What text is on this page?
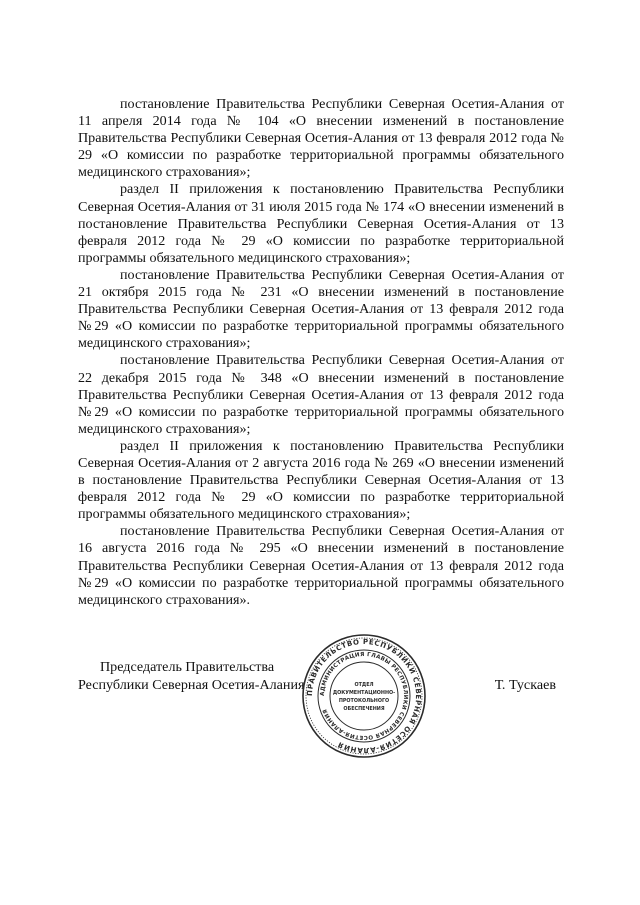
постановление Правительства Республики Северная Осетия-Алания от 11 апреля 2014 года № 104 «О внесении изменений в постановление Правительства Республики Северная Осетия-Алания от 13 февраля 2012 года № 29 «О комиссии по разработке территориальной программы обязательного медицинского страхования»;

раздел II приложения к постановлению Правительства Республики Северная Осетия-Алания от 31 июля 2015 года № 174 «О внесении изменений в постановление Правительства Республики Северная Осетия-Алания от 13 февраля 2012 года № 29 «О комиссии по разработке территориальной программы обязательного медицинского страхования»;

постановление Правительства Республики Северная Осетия-Алания от 21 октября 2015 года № 231 «О внесении изменений в постановление Правительства Республики Северная Осетия-Алания от 13 февраля 2012 года №29 «О комиссии по разработке территориальной программы обязательного медицинского страхования»;

постановление Правительства Республики Северная Осетия-Алания от 22 декабря 2015 года № 348 «О внесении изменений в постановление Правительства Республики Северная Осетия-Алания от 13 февраля 2012 года №29 «О комиссии по разработке территориальной программы обязательного медицинского страхования»;

раздел II приложения к постановлению Правительства Республики Северная Осетия-Алания от 2 августа 2016 года № 269 «О внесении изменений в постановление Правительства Республики Северная Осетия-Алания от 13 февраля 2012 года № 29 «О комиссии по разработке территориальной программы обязательного медицинского страхования»;

постановление Правительства Республики Северная Осетия-Алания от 16 августа 2016 года № 295 «О внесении изменений в постановление Правительства Республики Северная Осетия-Алания от 13 февраля 2012 года №29 «О комиссии по разработке территориальной программы обязательного медицинского страхования».

Председатель Правительства
Республики Северная Осетия-Алания ПРАВИТЕЛЬСТВО РЕСПУБЛИКИ СЕВЕРНАЯ ОСЕТИЯ-АЛАНИЯ
АДМИНИСТРАЦИЯ ГЛАВЫ РЕСПУБЛИКИ СЕВЕРНАЯ ОСЕТИЯ-АЛАНИЯ
ОТДЕЛ
ДОКУМЕНТАЦИОННО-
ПРОТОКОЛЬНОГО
ОБЕСПЕЧЕНИЯ
Т. Тускаев
